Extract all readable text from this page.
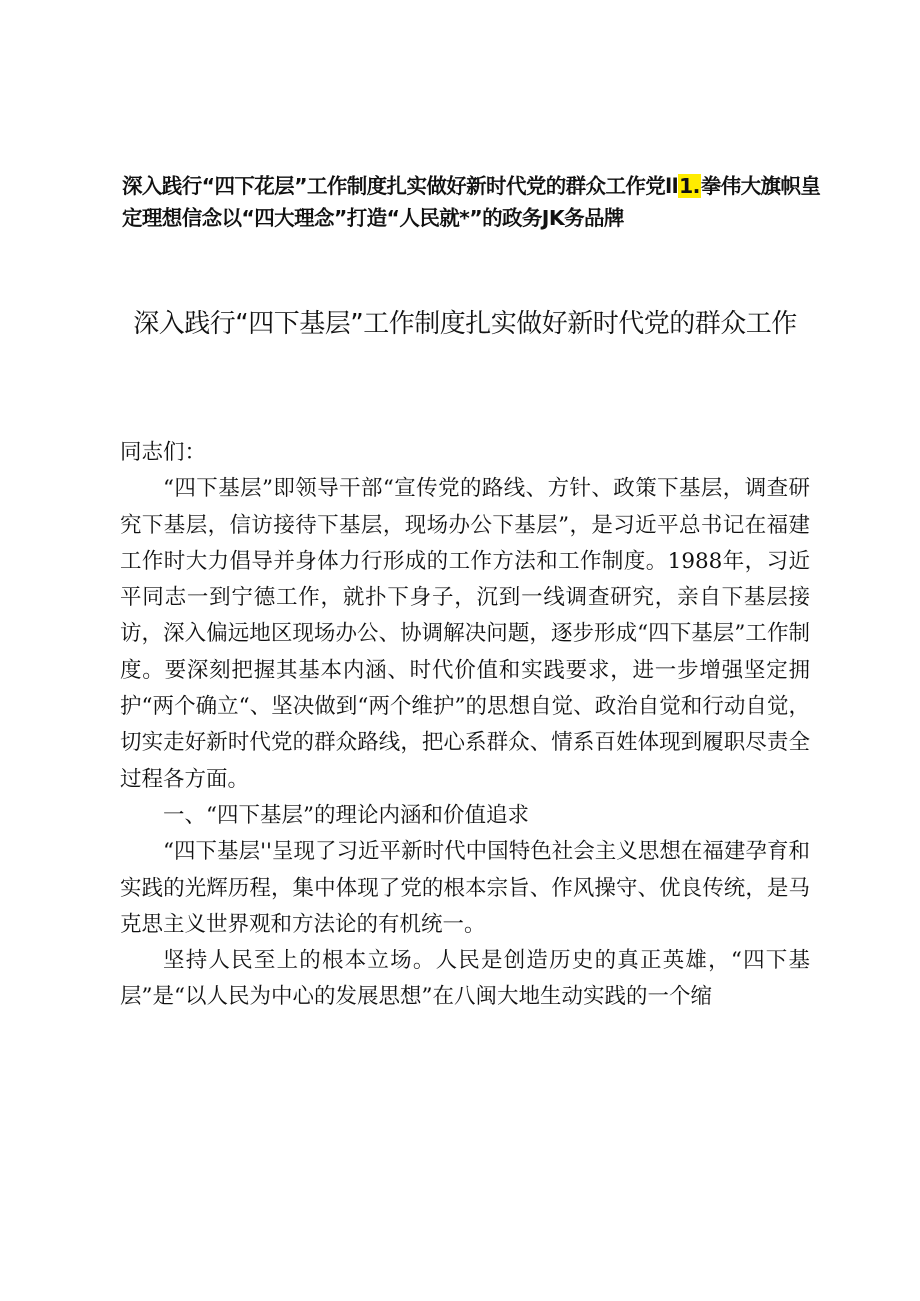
深入践行“四下花层”工作制度扎实做好新时代党的群众工作党ll1.拳伟大旗帜皇定理想信念以“四大理念”打造“人民就*”的政务JK务品牌
深入践行“四下基层”工作制度扎实做好新时代党的群众工作

同志们：

“四下基层”即领导干部“宣传党的路线、方针、政策下基层，调查研究下基层，信访接待下基层，现场办公下基层”，是习近平总书记在福建工作时大力倡导并身体力行形成的工作方法和工作制度。1988年，习近平同志一到宁德工作，就扑下身子，沉到一线调查研究，亲自下基层接访，深入偏远地区现场办公、协调解决问题，逐步形成“四下基层”工作制度。要深刻把握其基本内涵、时代价值和实践要求，进一步增强坚定拥护“两个确立“、坚决做到“两个维护”的思想自觉、政治自觉和行动自觉，切实走好新时代党的群众路线，把心系群众、情系百姓体现到履职尽责全过程各方面。

一、“四下基层”的理论内涵和价值追求

“四下基层''呈现了习近平新时代中国特色社会主义思想在福建孕育和实践的光辉历程，集中体现了党的根本宗旨、作风操守、优良传统，是马克思主义世界观和方法论的有机统一。

坚持人民至上的根本立场。人民是创造历史的真正英雄，“四下基层”是“以人民为中心的发展思想”在八闽大地生动实践的一个缩
